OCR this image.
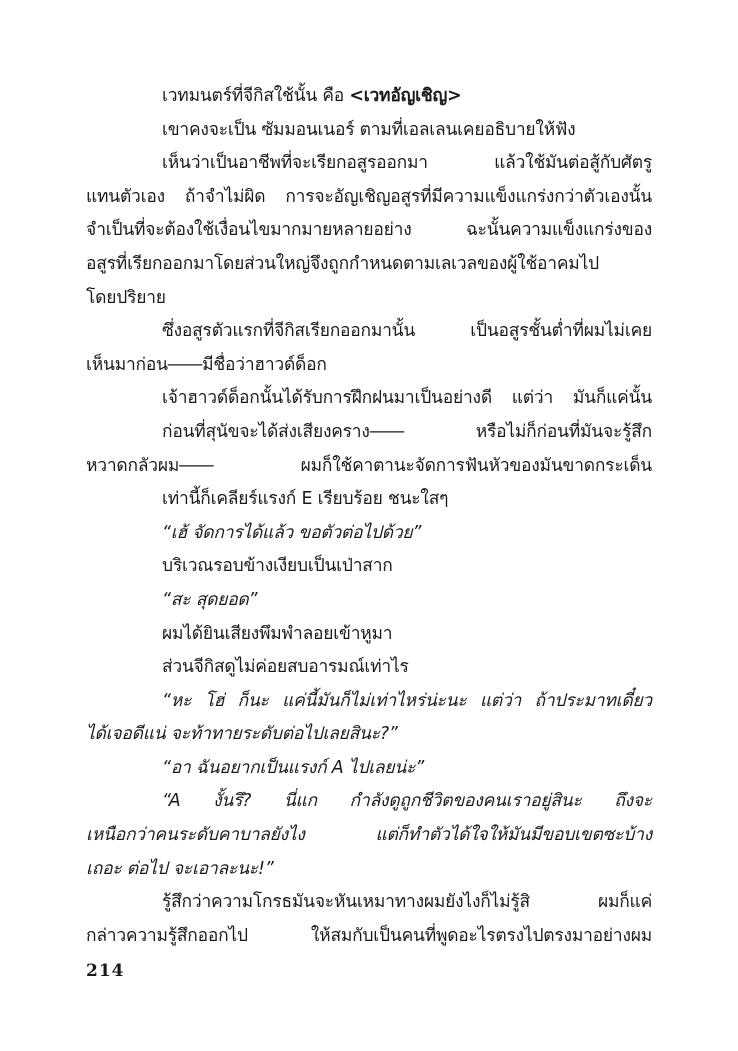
เวทมนตร์ที่จีกิสใช้นั้น คือ <เวทอัญเชิญ>
เขาคงจะเป็น ซัมมอนเนอร์ ตามที่เอลเลนเคยอธิบายให้ฟัง
เห็นว่าเป็นอาชีพที่จะเรียกอสูรออกมา แล้วใช้มันต่อสู้กับศัตรู
แทนตัวเอง ถ้าจำไม่ผิด การจะอัญเชิญอสูรที่มีความแข็งแกร่งกว่าตัวเองนั้น
จำเป็นที่จะต้องใช้เงื่อนไขมากมายหลายอย่าง ฉะนั้นความแข็งแกร่งของ
อสูรที่เรียกออกมาโดยส่วนใหญ่จึงถูกกำหนดตามเลเวลของผู้ใช้อาคมไป
โดยปริยาย
ซึ่งอสูรตัวแรกที่จีกิสเรียกออกมานั้น เป็นอสูรชั้นต่ำที่ผมไม่เคย
เห็นมาก่อน――มีชื่อว่าฮาวด์ด็อก
เจ้าฮาวด์ด็อกนั้นได้รับการฝึกฝนมาเป็นอย่างดี แต่ว่า มันก็แค่นั้น
ก่อนที่สุนัขจะได้ส่งเสียงคราง―― หรือไม่ก็ก่อนที่มันจะรู้สึก
หวาดกลัวผม―― ผมก็ใช้คาตานะจัดการฟันหัวของมันขาดกระเด็น
เท่านี้ก็เคลียร์แรงก์ E เรียบร้อย ชนะใสๆ
“เฮ้ จัดการได้แล้ว ขอตัวต่อไปด้วย”
บริเวณรอบข้างเงียบเป็นเป่าสาก
“สะ สุดยอด”
ผมได้ยินเสียงพึมพำลอยเข้าหูมา
ส่วนจีกิสดูไม่ค่อยสบอารมณ์เท่าไร
“หะ โฮ่ ก็นะ แค่นี้มันก็ไม่เท่าไหร่น่ะนะ แต่ว่า ถ้าประมาทเดี๋ยว
ได้เจอดีแน่ จะท้าทายระดับต่อไปเลยสินะ?”
“อา ฉันอยากเป็นแรงก์ A ไปเลยน่ะ”
“A งั้นรึ? นี่แก กำลังดูถูกชีวิตของคนเราอยู่สินะ ถึงจะ
เหนือกว่าคนระดับคาบาลยังไง แต่ก็ทำตัวได้ใจให้มันมีขอบเขตซะบ้าง
เถอะ ต่อไป จะเอาละนะ!”
รู้สึกว่าความโกรธมันจะหันเหมาทางผมยังไงก็ไม่รู้สิ ผมก็แค่
กล่าวความรู้สึกออกไป ให้สมกับเป็นคนที่พูดอะไรตรงไปตรงมาอย่างผม
214
